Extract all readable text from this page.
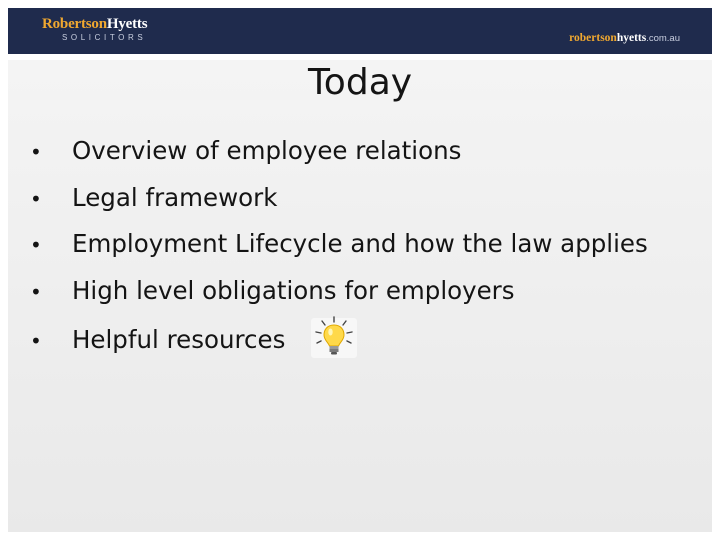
RobertsonHyetts
SOLICITORS	robertsonhyetts.com.au
Today
• Overview of employee relations
• Legal framework
• Employment Lifecycle and how the law applies
• High level obligations for employers
• Helpful resources
